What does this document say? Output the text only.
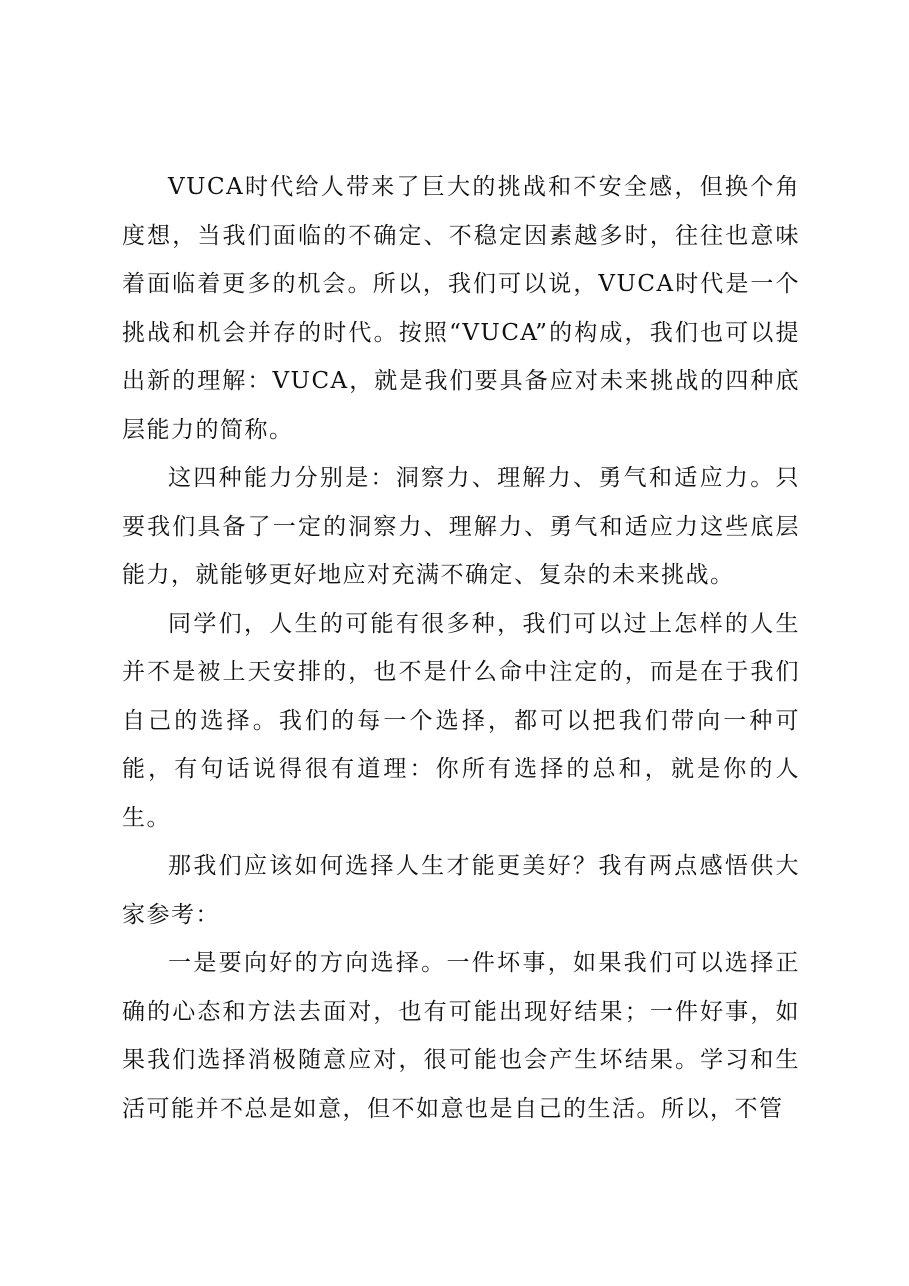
VUCA时代给人带来了巨大的挑战和不安全感，但换个角度想，当我们面临的不确定、不稳定因素越多时，往往也意味着面临着更多的机会。所以，我们可以说，VUCA时代是一个挑战和机会并存的时代。按照“VUCA”的构成，我们也可以提出新的理解：VUCA，就是我们要具备应对未来挑战的四种底层能力的简称。

这四种能力分别是：洞察力、理解力、勇气和适应力。只要我们具备了一定的洞察力、理解力、勇气和适应力这些底层能力，就能够更好地应对充满不确定、复杂的未来挑战。

同学们，人生的可能有很多种，我们可以过上怎样的人生并不是被上天安排的，也不是什么命中注定的，而是在于我们自己的选择。我们的每一个选择，都可以把我们带向一种可能，有句话说得很有道理：你所有选择的总和，就是你的人生。

那我们应该如何选择人生才能更美好？我有两点感悟供大家参考：

一是要向好的方向选择。一件坏事，如果我们可以选择正确的心态和方法去面对，也有可能出现好结果；一件好事，如果我们选择消极随意应对，很可能也会产生坏结果。学习和生活可能并不总是如意，但不如意也是自己的生活。所以，不管
